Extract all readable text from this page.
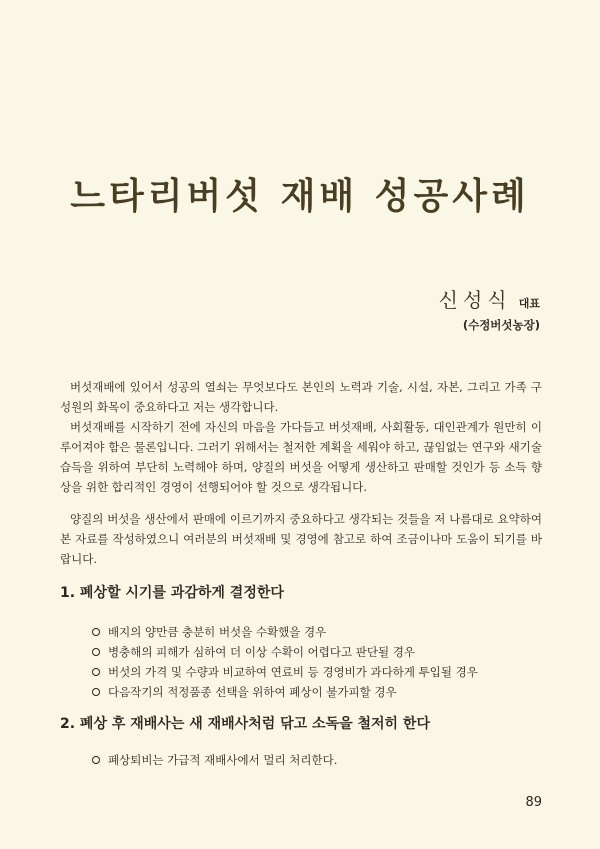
느타리버섯 재배 성공사례
신성식 대표
(수정버섯농장)
버섯재배에 있어서 성공의 열쇠는 무엇보다도 본인의 노력과 기술, 시설, 자본, 그리고 가족 구성원의 화목이 중요하다고 저는 생각합니다.
버섯재배를 시작하기 전에 자신의 마음을 가다듬고 버섯재배, 사회활동, 대인관계가 원만히 이루어져야 함은 물론입니다. 그러기 위해서는 철저한 계획을 세워야 하고, 끊임없는 연구와 새기술 습득을 위하여 부단히 노력해야 하며, 양질의 버섯을 어떻게 생산하고 판매할 것인가 등 소득 향상을 위한 합리적인 경영이 선행되어야 할 것으로 생각됩니다.
양질의 버섯을 생산에서 판매에 이르기까지 중요하다고 생각되는 것들을 저 나름대로 요약하여 본 자료를 작성하였으니 여러분의 버섯재배 및 경영에 참고로 하여 조금이나마 도움이 되기를 바랍니다.
1. 폐상할 시기를 과감하게 결정한다
배지의 양만큼 충분히 버섯을 수확했을 경우
병충해의 피해가 심하여 더 이상 수확이 어렵다고 판단될 경우
버섯의 가격 및 수량과 비교하여 연료비 등 경영비가 과다하게 투입될 경우
다음작기의 적정품종 선택을 위하여 폐상이 불가피할 경우
2. 폐상 후 재배사는 새 재배사처럼 닦고 소독을 철저히 한다
폐상퇴비는 가급적 재배사에서 멀리 처리한다.
89
